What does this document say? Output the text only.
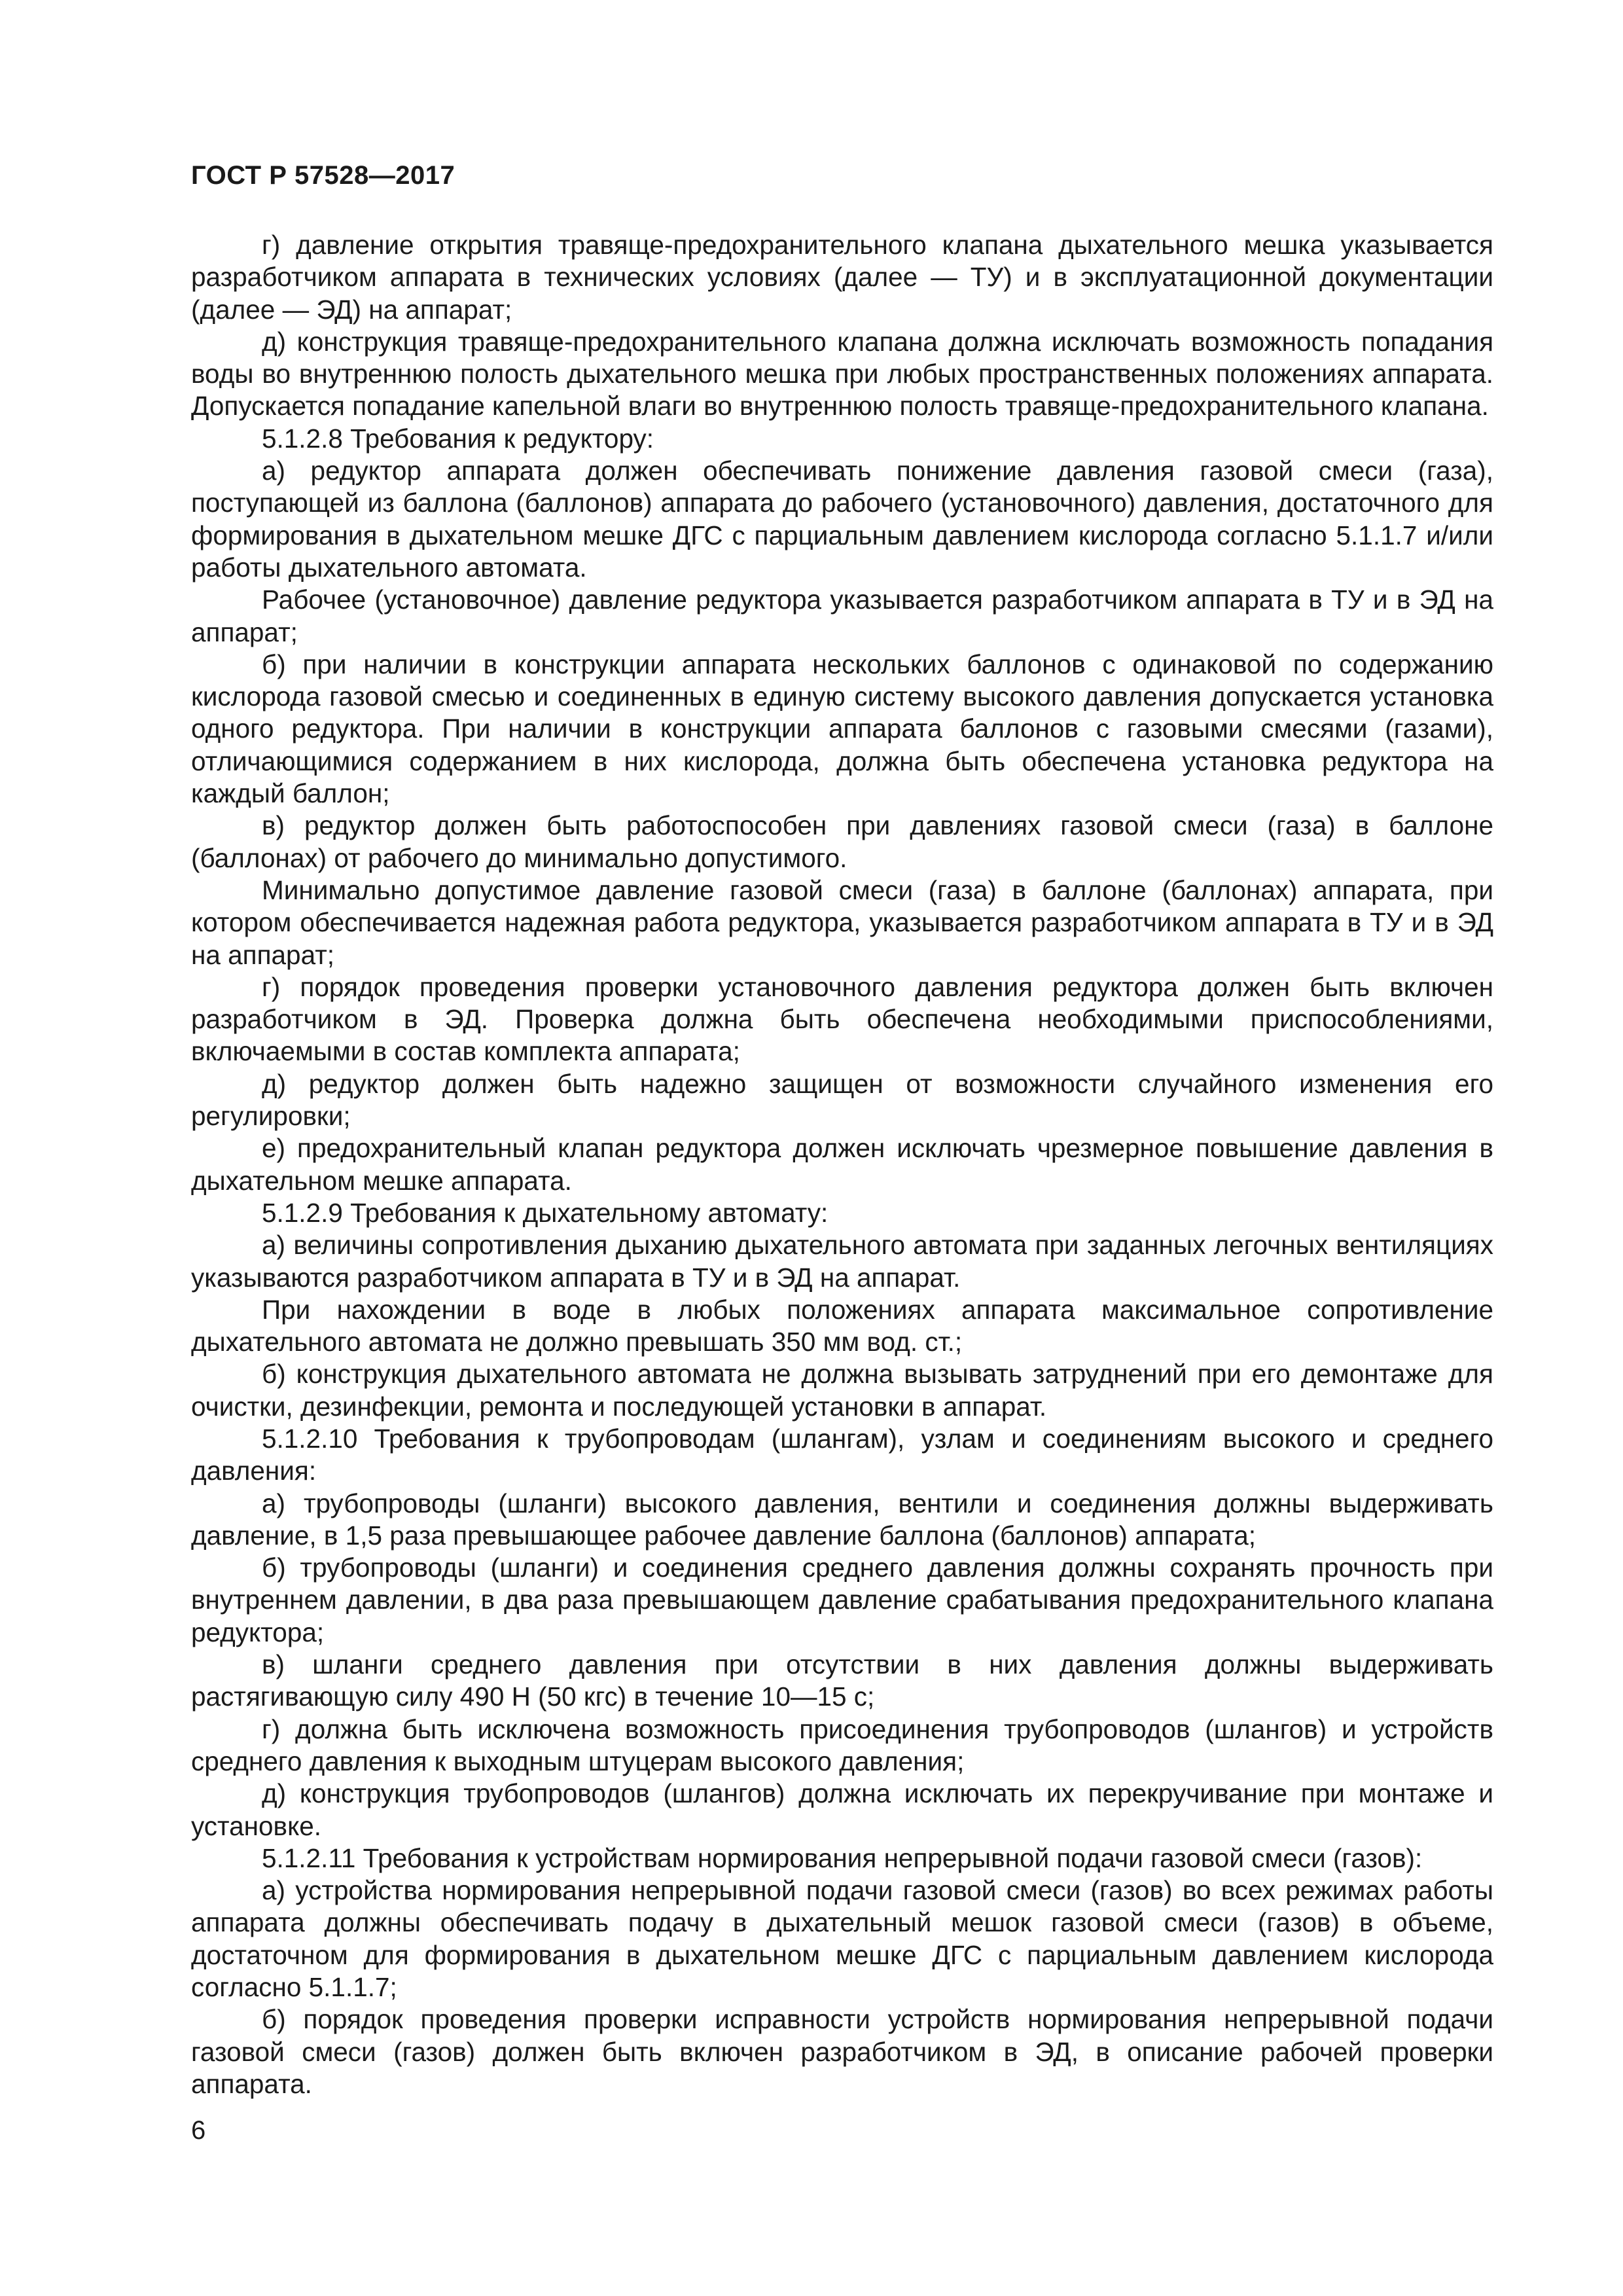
ГОСТ Р 57528—2017

г) давление открытия травяще-предохранительного клапана дыхательного мешка указывается разработчиком аппарата в технических условиях (далее — ТУ) и в эксплуатационной документации (далее — ЭД) на аппарат;

д) конструкция травяще-предохранительного клапана должна исключать возможность попадания воды во внутреннюю полость дыхательного мешка при любых пространственных положениях аппарата. Допускается попадание капельной влаги во внутреннюю полость травяще-предохранительного клапана.

5.1.2.8 Требования к редуктору:

а) редуктор аппарата должен обеспечивать понижение давления газовой смеси (газа), поступающей из баллона (баллонов) аппарата до рабочего (установочного) давления, достаточного для формирования в дыхательном мешке ДГС с парциальным давлением кислорода согласно 5.1.1.7 и/или работы дыхательного автомата.

Рабочее (установочное) давление редуктора указывается разработчиком аппарата в ТУ и в ЭД на аппарат;

б) при наличии в конструкции аппарата нескольких баллонов с одинаковой по содержанию кислорода газовой смесью и соединенных в единую систему высокого давления допускается установка одного редуктора. При наличии в конструкции аппарата баллонов с газовыми смесями (газами), отличающимися содержанием в них кислорода, должна быть обеспечена установка редуктора на каждый баллон;

в) редуктор должен быть работоспособен при давлениях газовой смеси (газа) в баллоне (баллонах) от рабочего до минимально допустимого.

Минимально допустимое давление газовой смеси (газа) в баллоне (баллонах) аппарата, при котором обеспечивается надежная работа редуктора, указывается разработчиком аппарата в ТУ и в ЭД на аппарат;

г) порядок проведения проверки установочного давления редуктора должен быть включен разработчиком в ЭД. Проверка должна быть обеспечена необходимыми приспособлениями, включаемыми в состав комплекта аппарата;

д) редуктор должен быть надежно защищен от возможности случайного изменения его регулировки;

е) предохранительный клапан редуктора должен исключать чрезмерное повышение давления в дыхательном мешке аппарата.

5.1.2.9 Требования к дыхательному автомату:

а) величины сопротивления дыханию дыхательного автомата при заданных легочных вентиляциях указываются разработчиком аппарата в ТУ и в ЭД на аппарат.

При нахождении в воде в любых положениях аппарата максимальное сопротивление дыхательного автомата не должно превышать 350 мм вод. ст.;

б) конструкция дыхательного автомата не должна вызывать затруднений при его демонтаже для очистки, дезинфекции, ремонта и последующей установки в аппарат.

5.1.2.10 Требования к трубопроводам (шлангам), узлам и соединениям высокого и среднего давления:

а) трубопроводы (шланги) высокого давления, вентили и соединения должны выдерживать давление, в 1,5 раза превышающее рабочее давление баллона (баллонов) аппарата;

б) трубопроводы (шланги) и соединения среднего давления должны сохранять прочность при внутреннем давлении, в два раза превышающем давление срабатывания предохранительного клапана редуктора;

в) шланги среднего давления при отсутствии в них давления должны выдерживать растягивающую силу 490 Н (50 кгс) в течение 10—15 с;

г) должна быть исключена возможность присоединения трубопроводов (шлангов) и устройств среднего давления к выходным штуцерам высокого давления;

д) конструкция трубопроводов (шлангов) должна исключать их перекручивание при монтаже и установке.

5.1.2.11 Требования к устройствам нормирования непрерывной подачи газовой смеси (газов):

а) устройства нормирования непрерывной подачи газовой смеси (газов) во всех режимах работы аппарата должны обеспечивать подачу в дыхательный мешок газовой смеси (газов) в объеме, достаточном для формирования в дыхательном мешке ДГС с парциальным давлением кислорода согласно 5.1.1.7;

б) порядок проведения проверки исправности устройств нормирования непрерывной подачи газовой смеси (газов) должен быть включен разработчиком в ЭД, в описание рабочей проверки аппарата.

6
